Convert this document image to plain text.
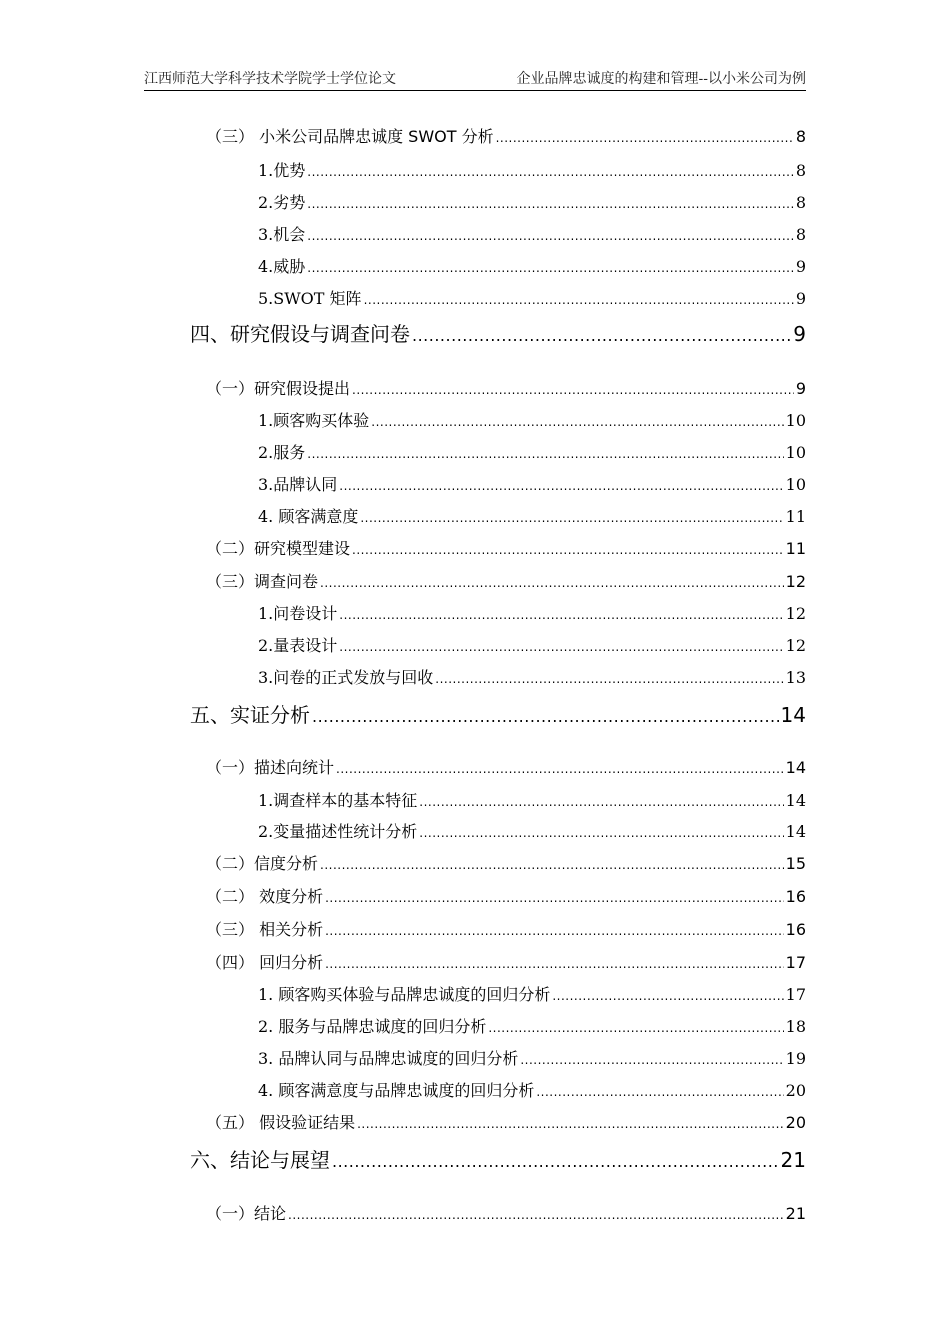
江西师范大学科学技术学院学士学位论文	企业品牌忠诚度的构建和管理--以小米公司为例
（三） 小米公司品牌忠诚度 SWOT 分析 .....	8
1.优势 .....	8
2.劣势 .....	8
3.机会 .....	8
4.威胁 .....	9
5.SWOT 矩阵 .....	9
四、研究假设与调查问卷 .....	9
（一）研究假设提出 .....	9
1.顾客购买体验 .....	10
2.服务 .....	10
3.品牌认同 .....	10
4. 顾客满意度 .....	11
（二）研究模型建设 .....	11
（三）调查问卷 .....	12
1.问卷设计 .....	12
2.量表设计 .....	12
3.问卷的正式发放与回收 .....	13
五、实证分析 .....	14
（一）描述向统计 .....	14
1.调查样本的基本特征 .....	14
2.变量描述性统计分析 .....	14
（二）信度分析 .....	15
（二） 效度分析 .....	16
（三） 相关分析 .....	16
（四） 回归分析 .....	17
1. 顾客购买体验与品牌忠诚度的回归分析 .....	17
2. 服务与品牌忠诚度的回归分析 .....	18
3. 品牌认同与品牌忠诚度的回归分析 .....	19
4. 顾客满意度与品牌忠诚度的回归分析 .....	20
（五） 假设验证结果 .....	20
六、结论与展望 .....	21
（一）结论 .....	21
